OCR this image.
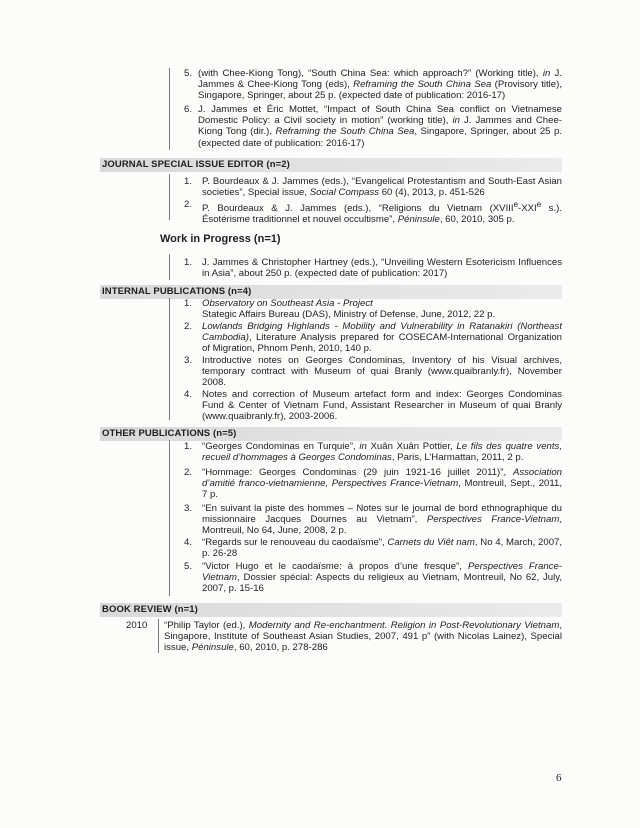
5. (with Chee-Kiong Tong), “South China Sea: which approach?” (Working title), in J. Jammes & Chee-Kiong Tong (eds), Reframing the South China Sea (Provisory title), Singapore, Springer, about 25 p. (expected date of publication: 2016-17)
6. J. Jammes et Éric Mottet, “Impact of South China Sea conflict on Vietnamese Domestic Policy: a Civil society in motion” (working title), in J. Jammes and Chee-Kiong Tong (dir.), Reframing the South China Sea, Singapore, Springer, about 25 p. (expected date of publication: 2016-17)
JOURNAL SPECIAL ISSUE EDITOR (n=2)
1. P. Bourdeaux & J. Jammes (eds.), “Evangelical Protestantism and South-East Asian societies”, Special issue, Social Compass 60 (4), 2013, p. 451-526
2. P. Bourdeaux & J. Jammes (eds.), “Religions du Vietnam (XVIIIe-XXIe s.). Ésotérisme traditionnel et nouvel occultisme”, Péninsule, 60, 2010, 305 p.
Work in Progress (n=1)
1. J. Jammes & Christopher Hartney (eds.), “Unveiling Western Esotericism Influences in Asia”, about 250 p. (expected date of publication: 2017)
INTERNAL PUBLICATIONS (n=4)
1. Observatory on Southeast Asia - Project
Stategic Affairs Bureau (DAS), Ministry of Defense, June, 2012, 22 p.
2. Lowlands Bridging Highlands - Mobility and Vulnerability in Ratanakiri (Northeast Cambodia), Literature Analysis prepared for COSECAM-International Organization of Migration, Phnom Penh, 2010, 140 p.
3. Introductive notes on Georges Condominas, Inventory of his Visual archives, temporary contract with Museum of quai Branly (www.quaibranly.fr), November 2008.
4. Notes and correction of Museum artefact form and index: Georges Condominas Fund & Center of Vietnam Fund, Assistant Researcher in Museum of quai Branly (www.quaibranly.fr), 2003-2006.
OTHER PUBLICATIONS (n=5)
1. “Georges Condominas en Turquie”, in Xuân Xuân Pottier, Le fils des quatre vents, recueil d’hommages à Georges Condominas, Paris, L’Harmattan, 2011, 2 p.
2. “Hommage: Georges Condominas (29 juin 1921-16 juillet 2011)”, Association d’amitié franco-vietnamienne, Perspectives France-Vietnam, Montreuil, Sept., 2011, 7 p.
3. “En suivant la piste des hommes – Notes sur le journal de bord ethnographique du missionnaire Jacques Dournes au Vietnam”, Perspectives France-Vietnam, Montreuil, No 64, June, 2008, 2 p.
4. “Regards sur le renouveau du caodaïsme”, Carnets du Viêt nam, No 4, March, 2007, p. 26-28
5. “Victor Hugo et le caodaïsme: à propos d’une fresque”, Perspectives France-Vietnam, Dossier spécial: Aspects du religieux au Vietnam, Montreuil, No 62, July, 2007, p. 15-16
BOOK REVIEW (n=1)
2010 “Philip Taylor (ed.), Modernity and Re-enchantment. Religion in Post-Revolutionary Vietnam, Singapore, Institute of Southeast Asian Studies, 2007, 491 p” (with Nicolas Lainez), Special issue, Péninsule, 60, 2010, p. 278-286
6
